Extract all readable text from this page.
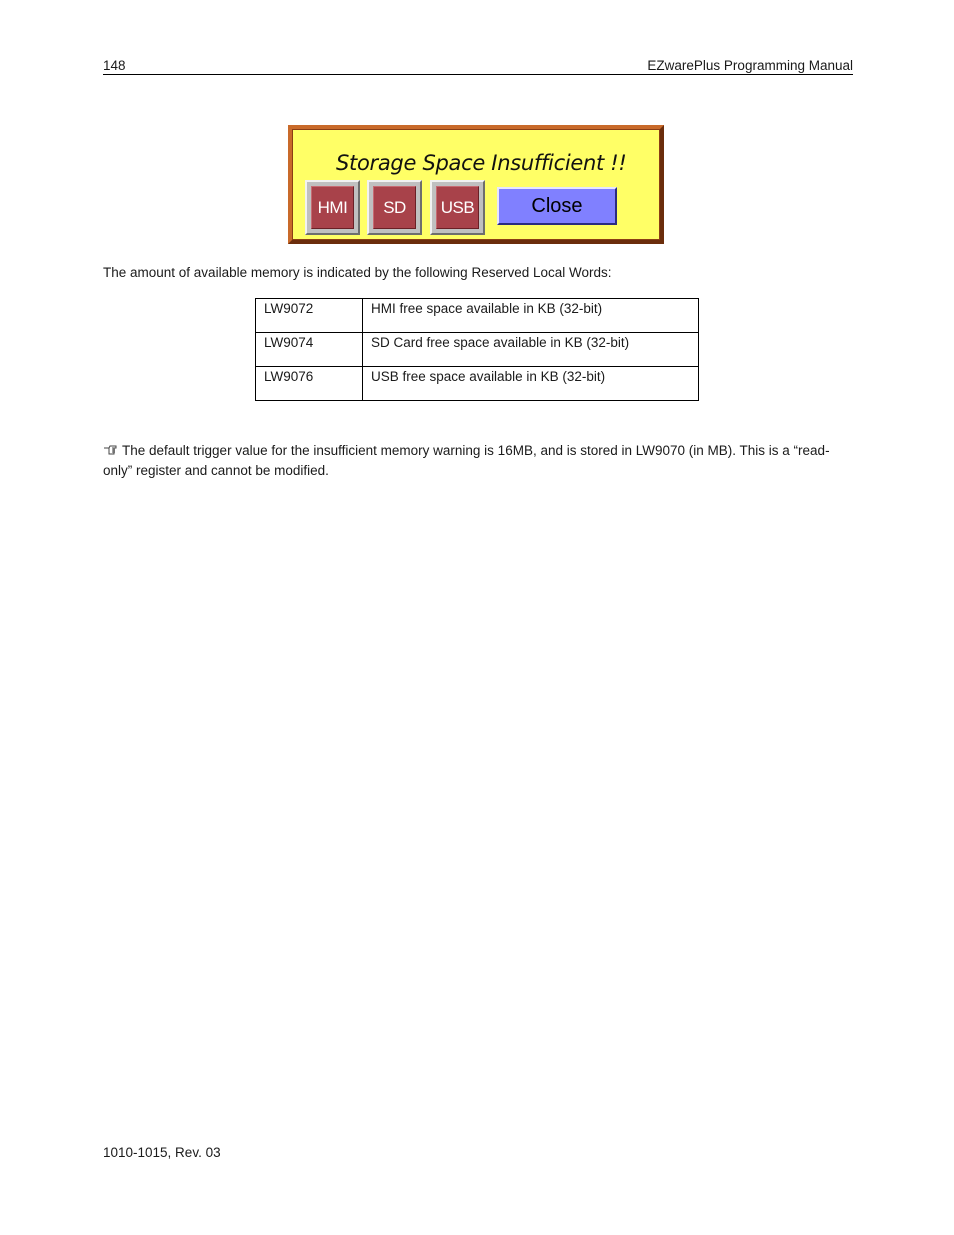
148	EZwarePlus Programming Manual
Storage Space Insufficient !!
HMI	SD	USB	Close
The amount of available memory is indicated by the following Reserved Local Words:
LW9072	HMI free space available in KB (32-bit)

LW9074	SD Card free space available in KB (32-bit)

LW9076	USB free space available in KB (32-bit)
The default trigger value for the insufficient memory warning is 16MB, and is stored in LW9070 (in MB). This is a “read-only” register and cannot be modified.
1010-1015, Rev. 03
